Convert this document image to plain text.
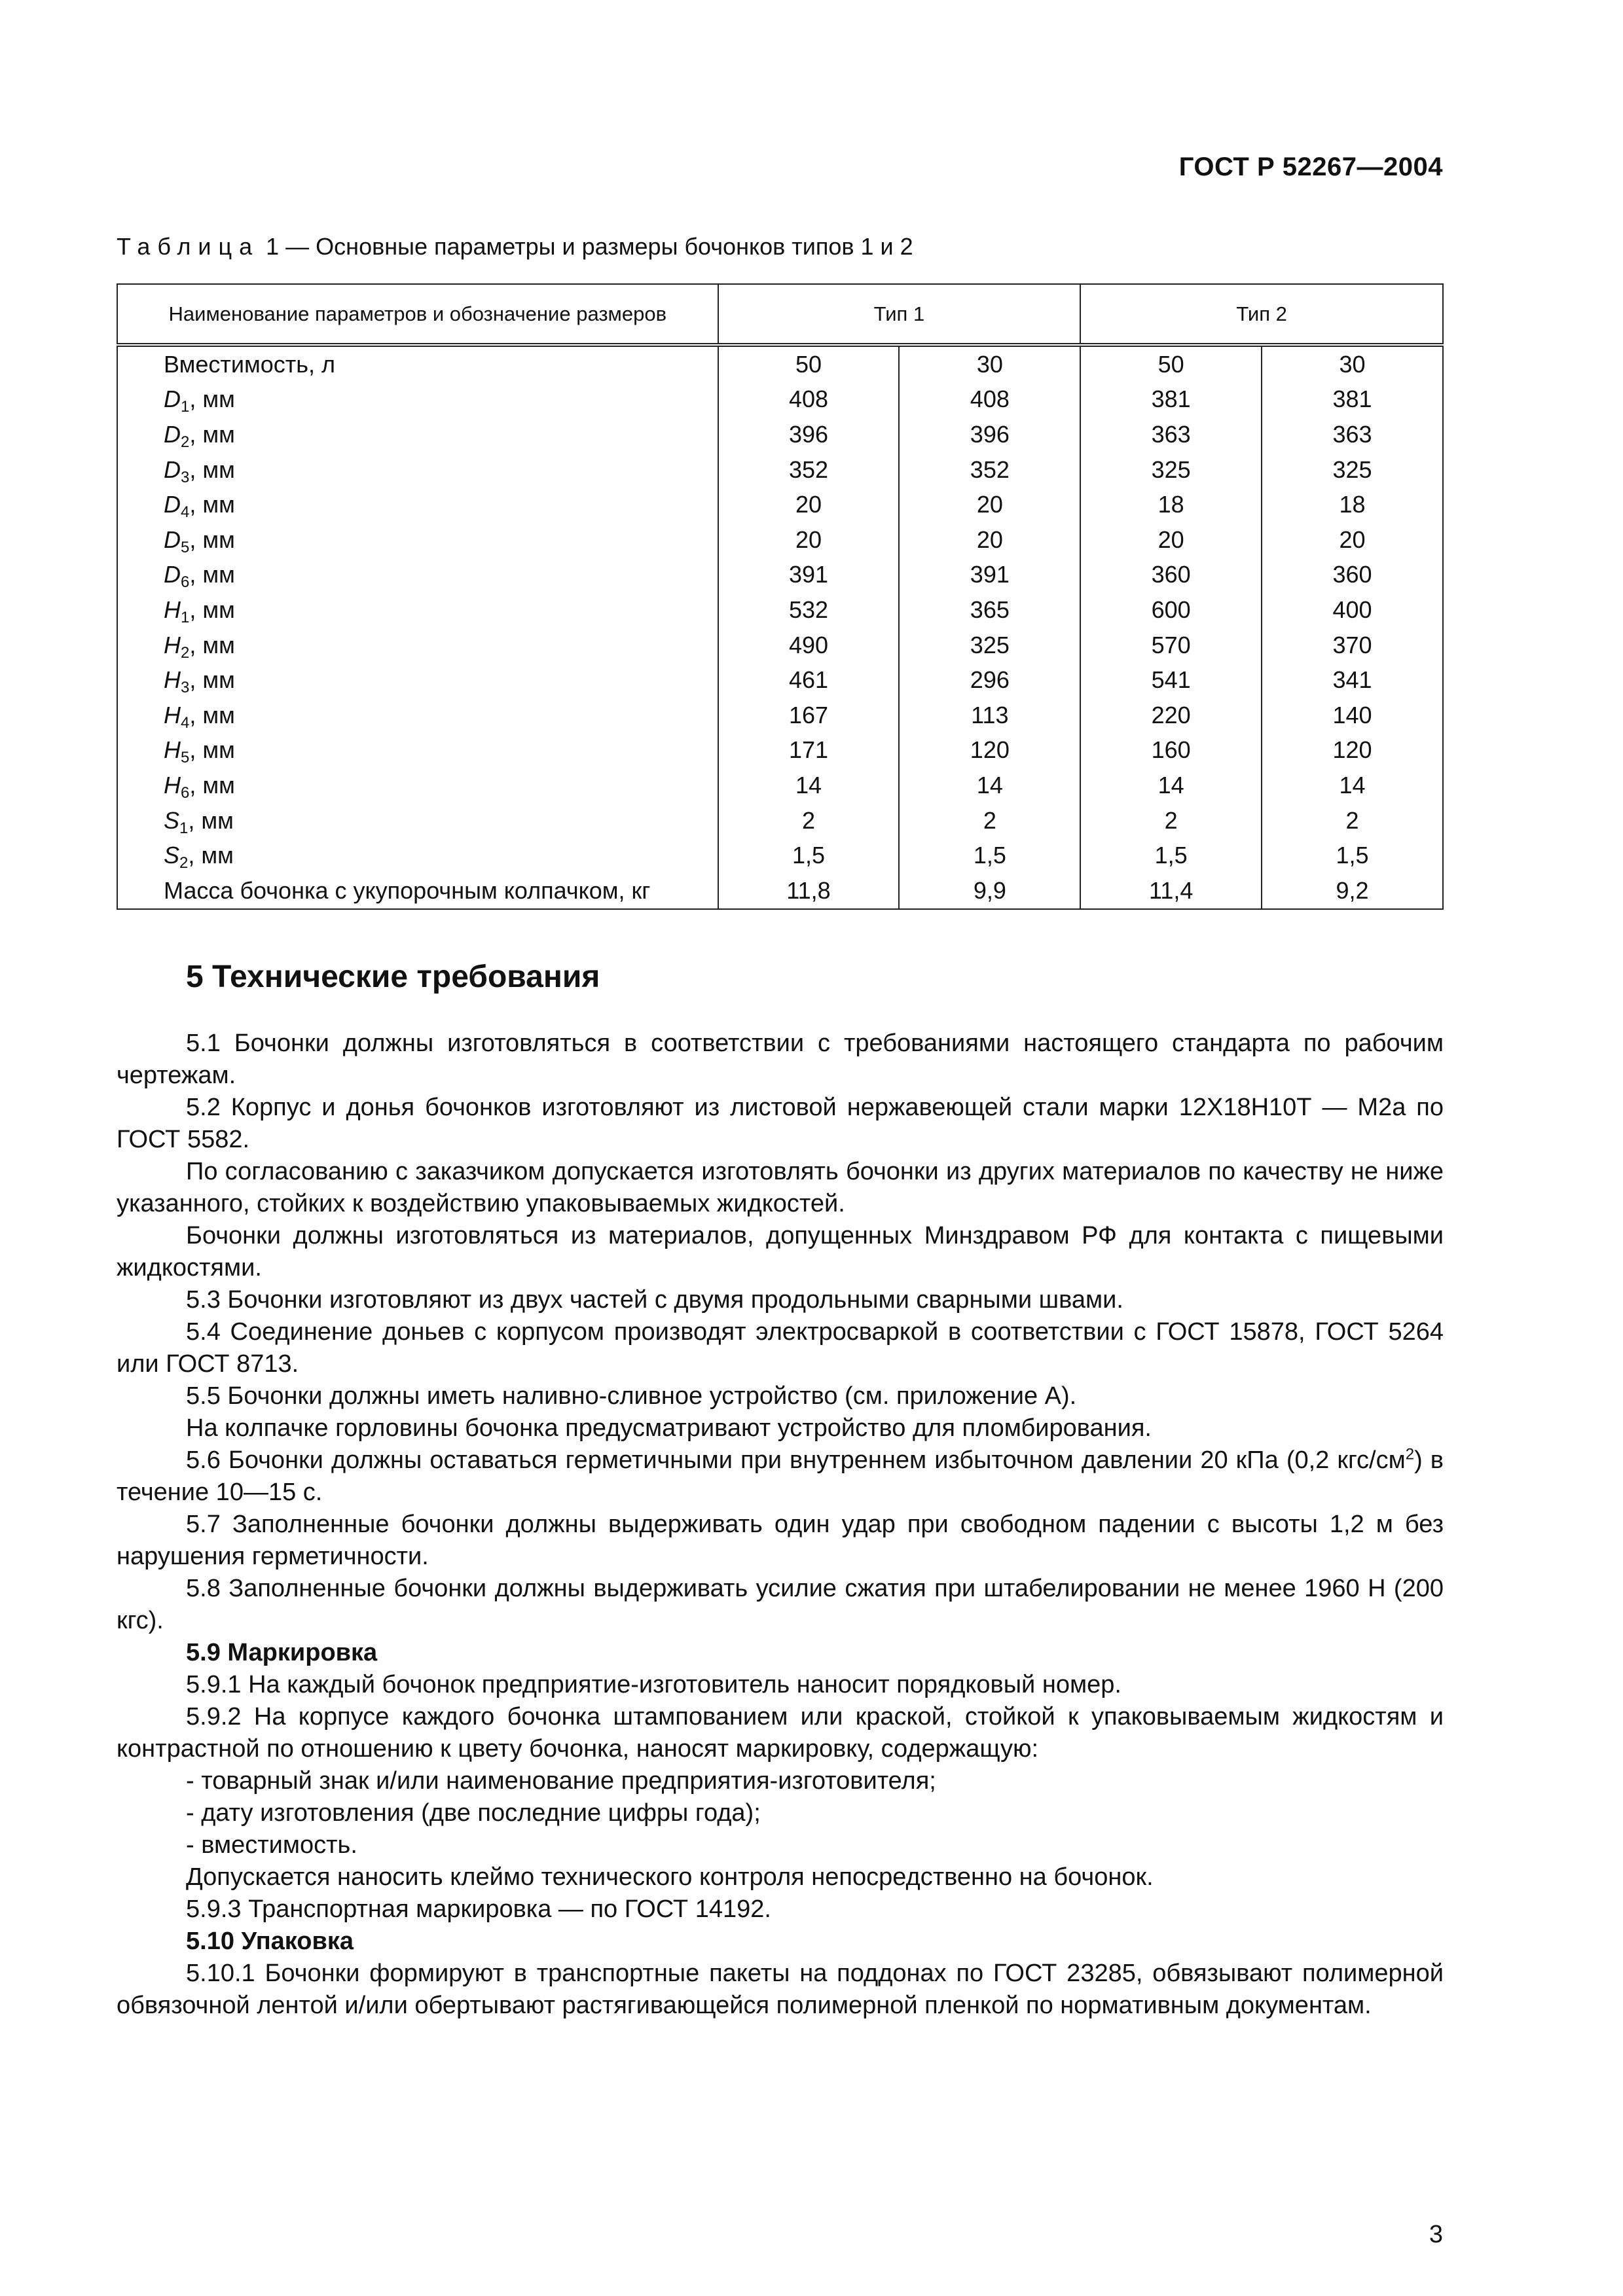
ГОСТ Р 52267—2004
Таблица 1 — Основные параметры и размеры бочонков типов 1 и 2
Наименование параметров и обозначение размеров	Тип 1		Тип 2	
Вместимость, л	50	30	50	30
$D_1$, мм	408	408	381	381
$D_2$, мм	396	396	363	363
$D_3$, мм	352	352	325	325
$D_4$, мм	20	20	18	18
$D_5$, мм	20	20	20	20
$D_6$, мм	391	391	360	360
$H_1$, мм	532	365	600	400
$H_2$, мм	490	325	570	370
$H_3$, мм	461	296	541	341
$H_4$, мм	167	113	220	140
$H_5$, мм	171	120	160	120
$H_6$, мм	14	14	14	14
$S_1$, мм	2	2	2	2
$S_2$, мм	1,5	1,5	1,5	1,5
Масса бочонка с укупорочным колпачком, кг	11,8	9,9	11,4	9,2
5 Технические требования

5.1 Бочонки должны изготовляться в соответствии с требованиями настоящего стандарта по рабочим чертежам.

5.2 Корпус и донья бочонков изготовляют из листовой нержавеющей стали марки 12Х18Н10Т — М2а по ГОСТ 5582.

По согласованию с заказчиком допускается изготовлять бочонки из других материалов по качеству не ниже указанного, стойких к воздействию упаковываемых жидкостей.

Бочонки должны изготовляться из материалов, допущенных Минздравом РФ для контакта с пищевыми жидкостями.

5.3 Бочонки изготовляют из двух частей с двумя продольными сварными швами.

5.4 Соединение доньев с корпусом производят электросваркой в соответствии с ГОСТ 15878, ГОСТ 5264 или ГОСТ 8713.

5.5 Бочонки должны иметь наливно-сливное устройство (см. приложение А).

На колпачке горловины бочонка предусматривают устройство для пломбирования.

5.6 Бочонки должны оставаться герметичными при внутреннем избыточном давлении 20 кПа (0,2 кгс/$см^2$) в течение 10—15 с.

5.7 Заполненные бочонки должны выдерживать один удар при свободном падении с высоты 1,2 м без нарушения герметичности.

5.8 Заполненные бочонки должны выдерживать усилие сжатия при штабелировании не менее 1960 Н (200 кгс).

5.9 Маркировка

5.9.1 На каждый бочонок предприятие-изготовитель наносит порядковый номер.

5.9.2 На корпусе каждого бочонка штампованием или краской, стойкой к упаковываемым жидкостям и контрастной по отношению к цвету бочонка, наносят маркировку, содержащую:

- товарный знак и/или наименование предприятия-изготовителя;

- дату изготовления (две последние цифры года);

- вместимость.

Допускается наносить клеймо технического контроля непосредственно на бочонок.

5.9.3 Транспортная маркировка — по ГОСТ 14192.

5.10 Упаковка

5.10.1 Бочонки формируют в транспортные пакеты на поддонах по ГОСТ 23285, обвязывают полимерной обвязочной лентой и/или обертывают растягивающейся полимерной пленкой по нормативным документам.

3
